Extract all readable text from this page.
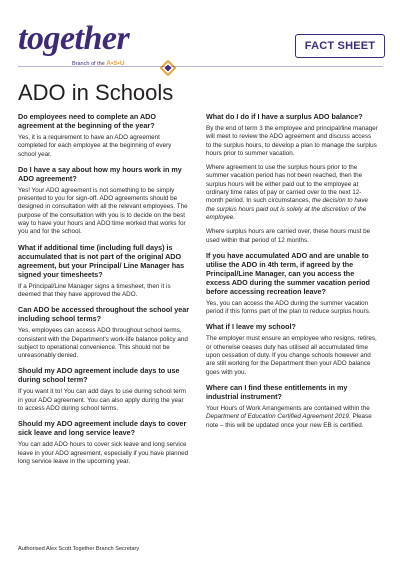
together
Branch of the A•S•U
FACT SHEET
ADO in Schools
Do employees need to complete an ADO agreement at the beginning of the year?
Yes, it is a requirement to have an ADO agreement completed for each employee at the beginning of every school year.
Do I have a say about how my hours work in my ADO agreement?
Yes! Your ADO agreement is not something to be simply presented to you for sign-off. ADO agreements should be designed in consultation with all the relevant employees. The purpose of the consultation with you is to decide on the best way to have your hours and ADO time worked that works for you and for the school.
What if additional time (including full days) is accumulated that is not part of the original ADO agreement, but your Principal/ Line Manager has signed your timesheets?
If a Principal/Line Manager signs a timesheet, then it is deemed that they have approved the ADO.
Can ADO be accessed throughout the school year including school terms?
Yes, employees can access ADO throughout school terms, consistent with the Department's work-life balance policy and subject to operational convenience. This should not be unreasonably denied.
Should my ADO agreement include days to use during school term?
If you want it to! You can add days to use during school term in your ADO agreement. You can also apply during the year to access ADO during school terms.
Should my ADO agreement include days to cover sick leave and long service leave?
You can add ADO hours to cover sick leave and long service leave in your ADO agreement, especially if you have planned long service leave in the upcoming year.
What do I do if I have a surplus ADO balance?
By the end of term 3 the employee and principal/line manager will meet to review the ADO agreement and discuss access to the surplus hours, to develop a plan to manage the surplus hours prior to summer vacation.
Where agreement to use the surplus hours prior to the summer vacation period has not been reached, then the surplus hours will be either paid out to the employee at ordinary time rates of pay or carried over to the next 12-month period. In such circumstances, the decision to have the surplus hours paid out is solely at the discretion of the employee.
Where surplus hours are carried over, these hours must be used within that period of 12 months.
If you have accumulated ADO and are unable to utilise the ADO in 4th term, if agreed by the Principal/Line Manager, can you access the excess ADO during the summer vacation period before accessing recreation leave?
Yes, you can access the ADO during the summer vacation period if this forms part of the plan to reduce surplus hours.
What if I leave my school?
The employer must ensure an employee who resigns, retires, or otherwise ceases duty has utilised all accumulated time upon cessation of duty. If you change schools however and are still working for the Department then your ADO balance goes with you.
Where can I find these entitlements in my industrial instrument?
Your Hours of Work Arrangements are contained within the Department of Education Certified Agreement 2019. Please note – this will be updated once your new EB is certified.
Authorised Alex Scott Together Branch Secretary
